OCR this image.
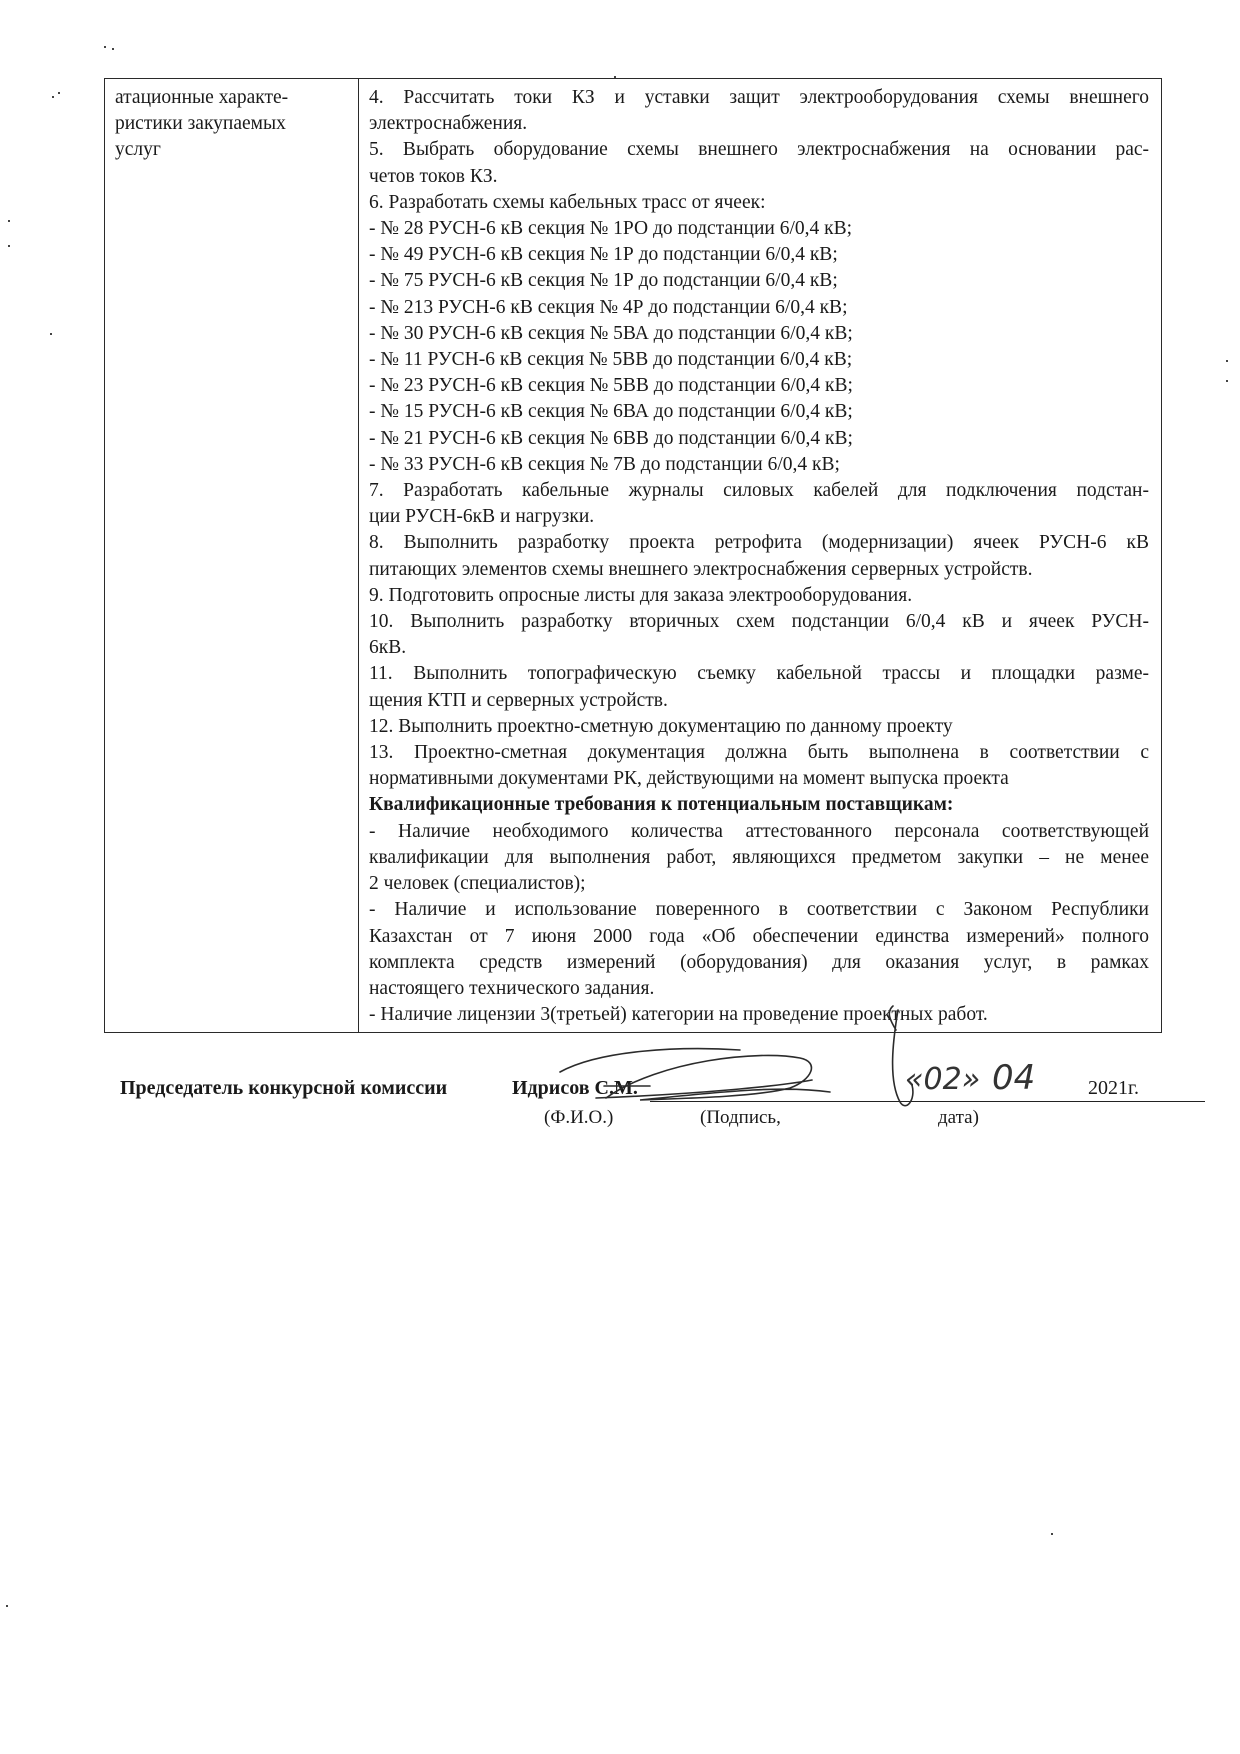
атационные характе-
ристики закупаемых
услуг

4. Рассчитать токи КЗ и уставки защит электрооборудования схемы внешнего
электроснабжения.
5. Выбрать оборудование схемы внешнего электроснабжения на основании рас-
четов токов КЗ.
6. Разработать схемы кабельных трасс от ячеек:
- № 28 РУСН-6 кВ секция № 1РО до подстанции 6/0,4 кВ;
- № 49 РУСН-6 кВ секция № 1Р до подстанции 6/0,4 кВ;
- № 75 РУСН-6 кВ секция № 1Р до подстанции 6/0,4 кВ;
- № 213 РУСН-6 кВ секция № 4Р до подстанции 6/0,4 кВ;
- № 30 РУСН-6 кВ секция № 5ВА до подстанции 6/0,4 кВ;
- № 11 РУСН-6 кВ секция № 5ВВ до подстанции 6/0,4 кВ;
- № 23 РУСН-6 кВ секция № 5ВВ до подстанции 6/0,4 кВ;
- № 15 РУСН-6 кВ секция № 6ВА до подстанции 6/0,4 кВ;
- № 21 РУСН-6 кВ секция № 6ВВ до подстанции 6/0,4 кВ;
- № 33 РУСН-6 кВ секция № 7В до подстанции 6/0,4 кВ;
7. Разработать кабельные журналы силовых кабелей для подключения подстан-
ции РУСН-6кВ и нагрузки.
8. Выполнить разработку проекта ретрофита (модернизации) ячеек РУСН-6 кВ
питающих элементов схемы внешнего электроснабжения серверных устройств.
9. Подготовить опросные листы для заказа электрооборудования.
10. Выполнить разработку вторичных схем подстанции 6/0,4 кВ и ячеек РУСН-
6кВ.
11. Выполнить топографическую съемку кабельной трассы и площадки разме-
щения КТП и серверных устройств.
12. Выполнить проектно-сметную документацию по данному проекту
13. Проектно-сметная документация должна быть выполнена в соответствии с
нормативными документами РК, действующими на момент выпуска проекта
Квалификационные требования к потенциальным поставщикам:
- Наличие необходимого количества аттестованного персонала соответствующей
квалификации для выполнения работ, являющихся предметом закупки – не менее
2 человек (специалистов);
- Наличие и использование поверенного в соответствии с Законом Республики
Казахстан от 7 июня 2000 года «Об обеспечении единства измерений» полного
комплекта средств измерений (оборудования) для оказания услуг, в рамках
настоящего технического задания.
- Наличие лицензии 3(третьей) категории на проведение проектных работ.
Председатель конкурсной комиссии	Идрисов С.М.	2021г.
(Ф.И.О.)	(Подпись,	дата)
«02» 04
